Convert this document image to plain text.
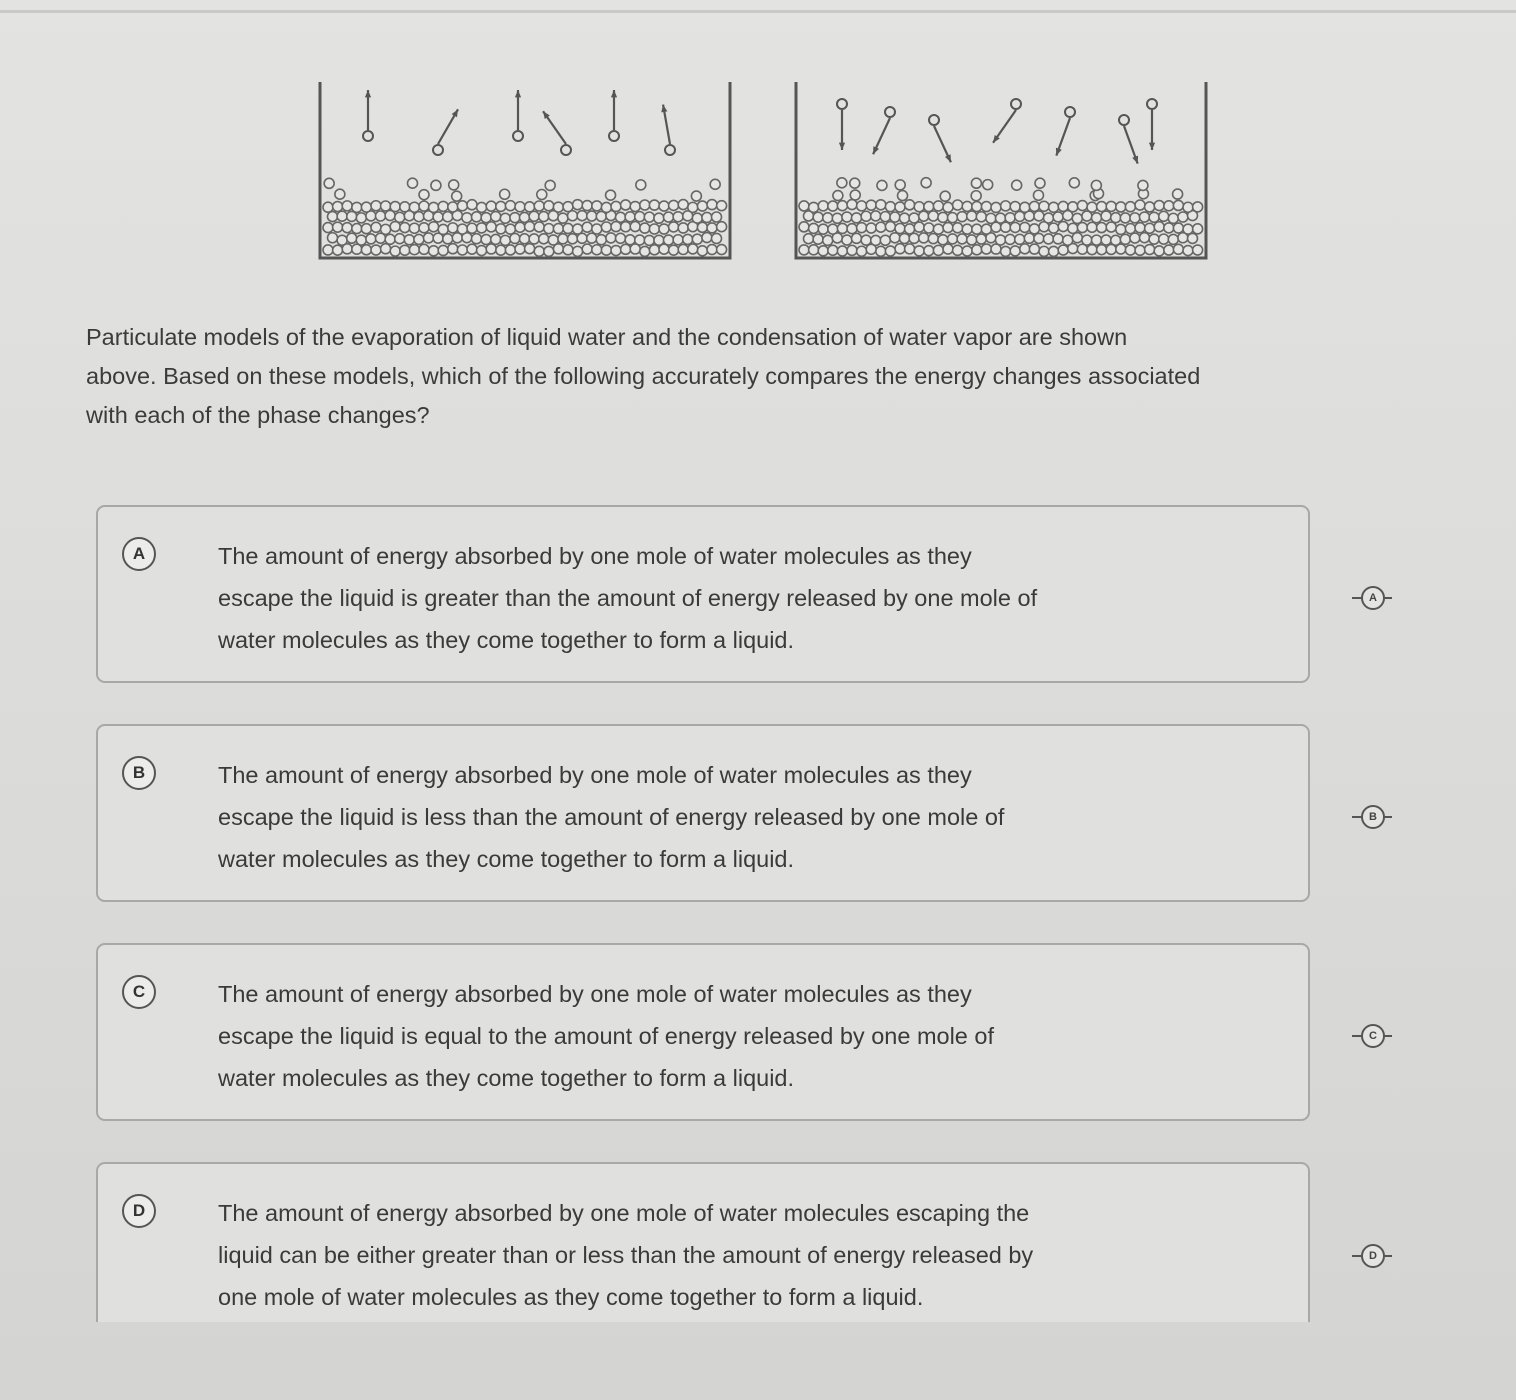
Particulate models of the evaporation of liquid water and the condensation of water vapor are shown
above. Based on these models, which of the following accurately compares the energy changes associated
with each of the phase changes?
A	The amount of energy absorbed by one mole of water molecules as they
escape the liquid is greater than the amount of energy released by one mole of
water molecules as they come together to form a liquid.
A
B	The amount of energy absorbed by one mole of water molecules as they
escape the liquid is less than the amount of energy released by one mole of
water molecules as they come together to form a liquid.
B
C	The amount of energy absorbed by one mole of water molecules as they
escape the liquid is equal to the amount of energy released by one mole of
water molecules as they come together to form a liquid.
C
D	The amount of energy absorbed by one mole of water molecules escaping the
liquid can be either greater than or less than the amount of energy released by
one mole of water molecules as they come together to form a liquid.
D
